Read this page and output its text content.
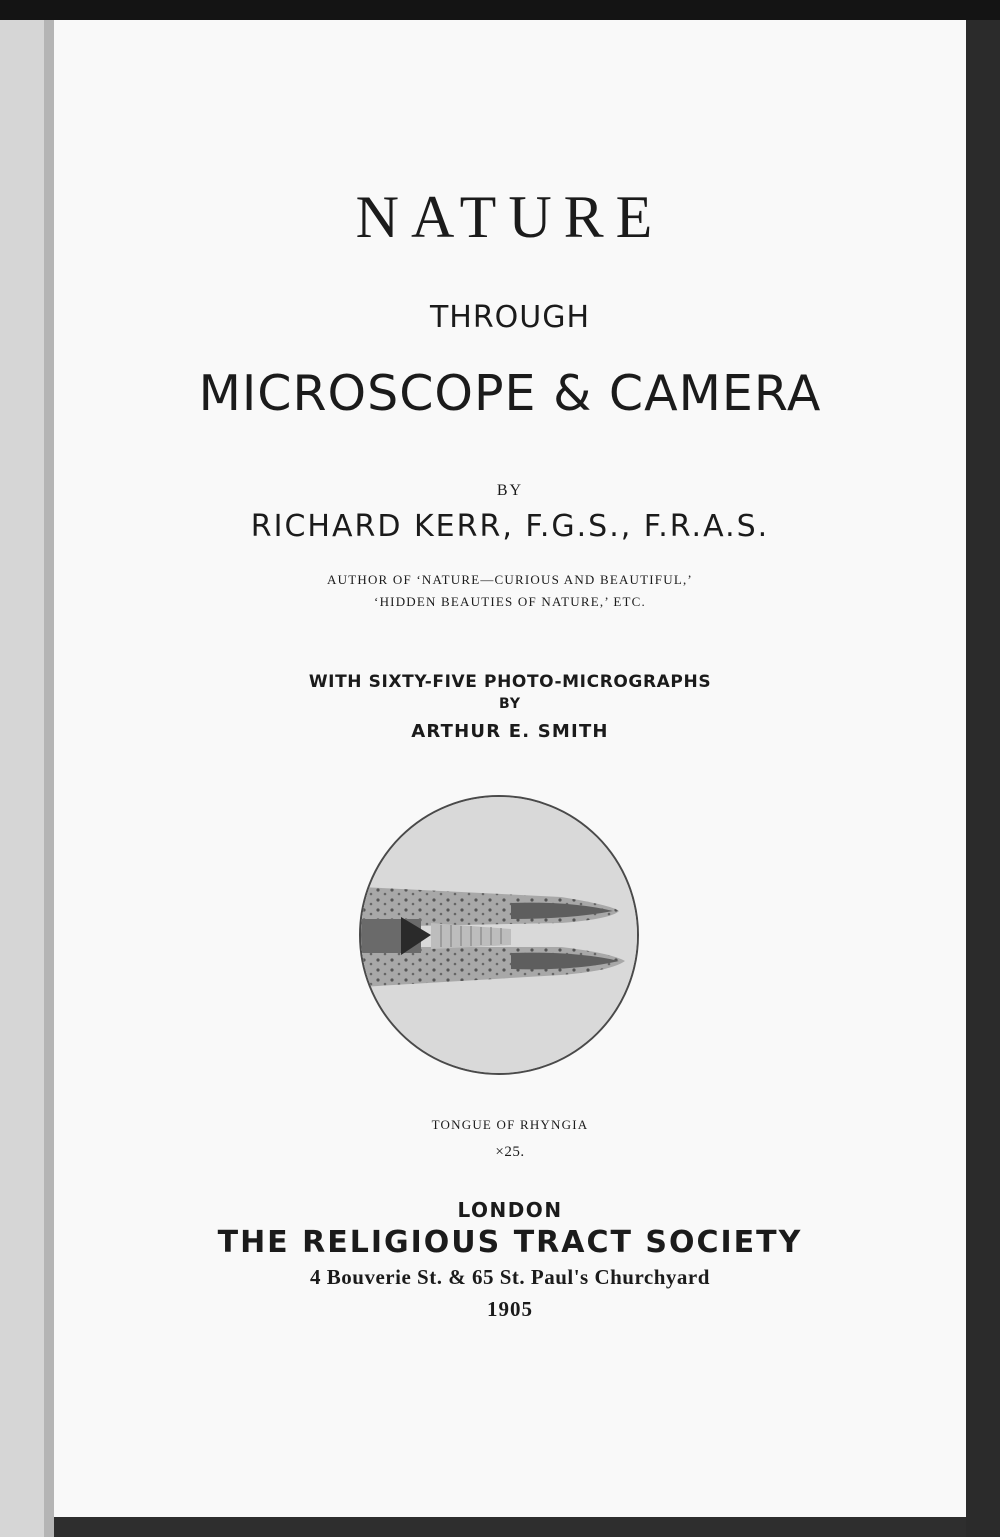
NATURE
THROUGH
MICROSCOPE & CAMERA
BY
RICHARD KERR, F.G.S., F.R.A.S.
AUTHOR OF ‘NATURE—CURIOUS AND BEAUTIFUL,’
‘HIDDEN BEAUTIES OF NATURE,’ ETC.
WITH SIXTY-FIVE PHOTO-MICROGRAPHS
BY
ARTHUR E. SMITH
TONGUE OF RHYNGIA
×25.
LONDON
THE RELIGIOUS TRACT SOCIETY
4 Bouverie St. & 65 St. Paul's Churchyard
1905
